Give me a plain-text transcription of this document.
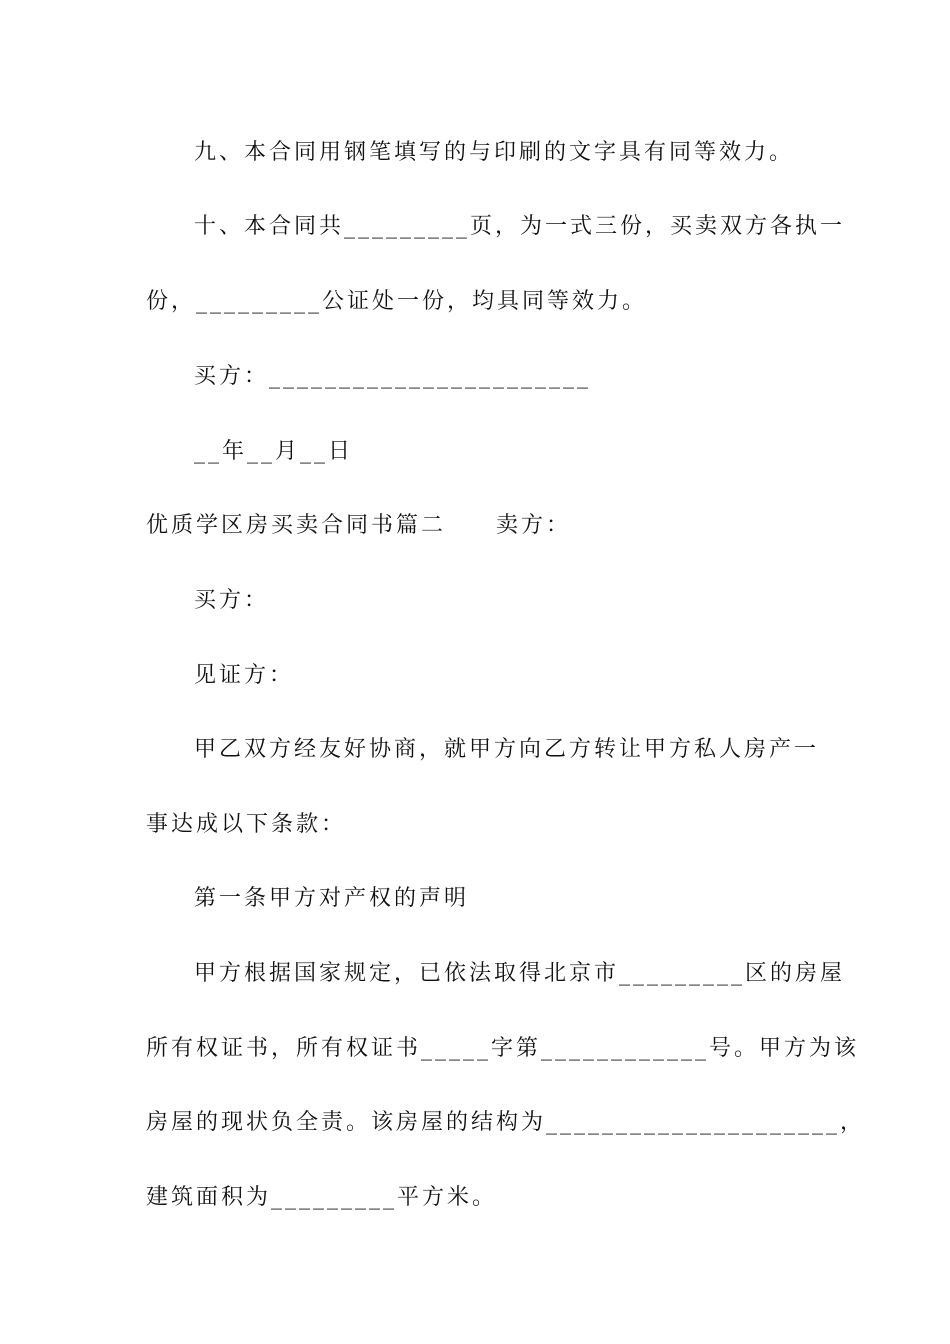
九、本合同用钢笔填写的与印刷的文字具有同等效力。
十、本合同共_________页，为一式三份，买卖双方各执一
份，_________公证处一份，均具同等效力。
买方：_______________________
__年__月__日
优质学区房买卖合同书篇二　　卖方：
买方：
见证方：
甲乙双方经友好协商，就甲方向乙方转让甲方私人房产一
事达成以下条款：
第一条甲方对产权的声明
甲方根据国家规定，已依法取得北京市_________区的房屋
所有权证书，所有权证书_____字第____________号。甲方为该
房屋的现状负全责。该房屋的结构为_____________________，
建筑面积为_________平方米。
